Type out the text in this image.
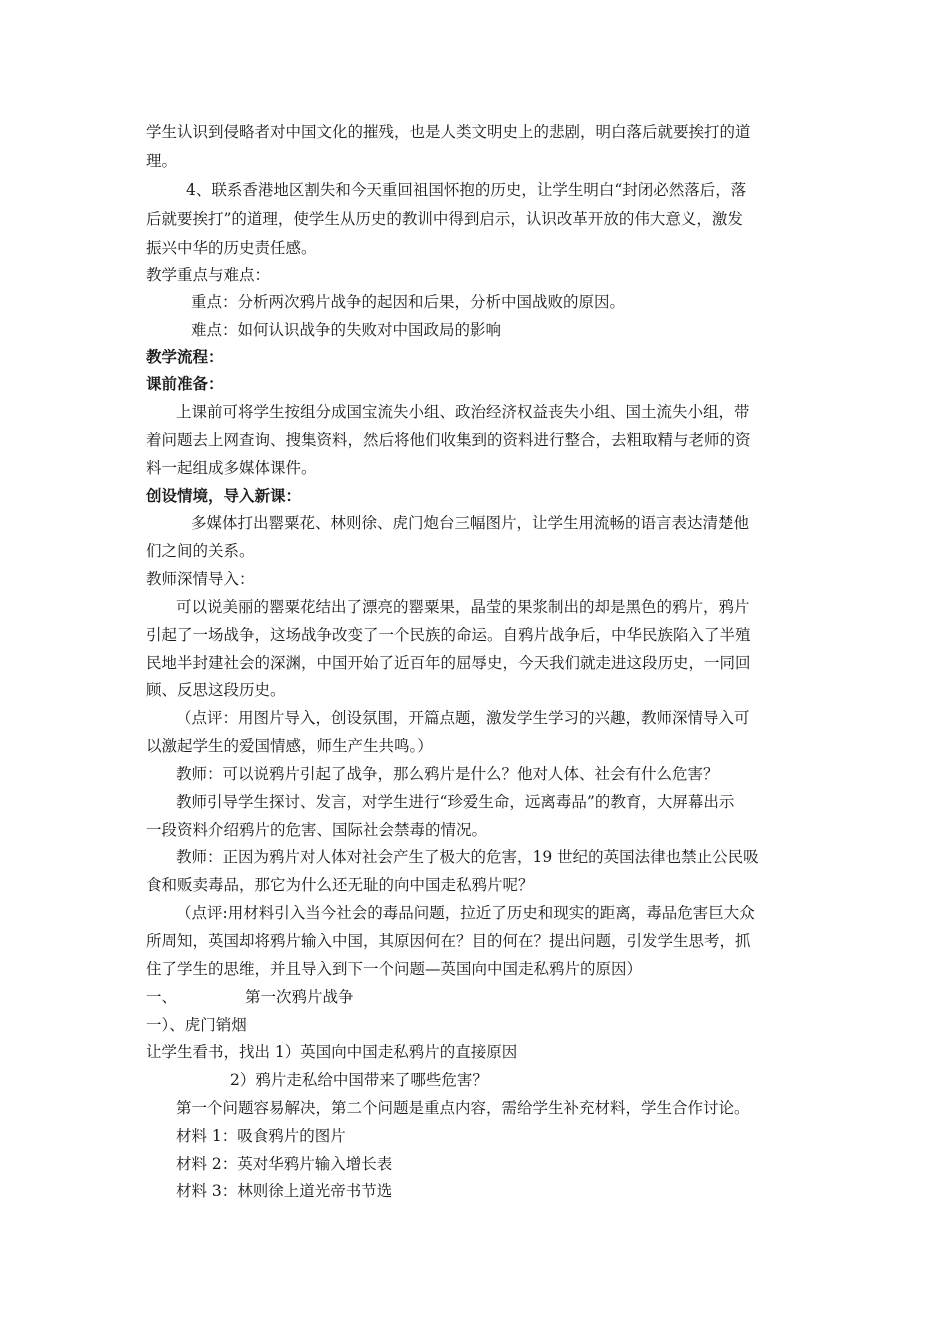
学生认识到侵略者对中国文化的摧残，也是人类文明史上的悲剧，明白落后就要挨打的道
理。
4、联系香港地区割失和今天重回祖国怀抱的历史，让学生明白“封闭必然落后，落
后就要挨打”的道理，使学生从历史的教训中得到启示，认识改革开放的伟大意义，激发
振兴中华的历史责任感。
教学重点与难点：
重点：分析两次鸦片战争的起因和后果，分析中国战败的原因。
难点：如何认识战争的失败对中国政局的影响
教学流程：
课前准备：
上课前可将学生按组分成国宝流失小组、政治经济权益丧失小组、国土流失小组，带
着问题去上网查询、搜集资料，然后将他们收集到的资料进行整合，去粗取精与老师的资
料一起组成多媒体课件。
创设情境，导入新课：
多媒体打出罂粟花、林则徐、虎门炮台三幅图片，让学生用流畅的语言表达清楚他
们之间的关系。
教师深情导入：
可以说美丽的罂粟花结出了漂亮的罂粟果，晶莹的果浆制出的却是黑色的鸦片，鸦片
引起了一场战争，这场战争改变了一个民族的命运。自鸦片战争后，中华民族陷入了半殖
民地半封建社会的深渊，中国开始了近百年的屈辱史，今天我们就走进这段历史，一同回
顾、反思这段历史。
（点评：用图片导入，创设氛围，开篇点题，激发学生学习的兴趣，教师深情导入可
以激起学生的爱国情感，师生产生共鸣。）
教师：可以说鸦片引起了战争，那么鸦片是什么？他对人体、社会有什么危害？
教师引导学生探讨、发言，对学生进行“珍爱生命，远离毒品”的教育，大屏幕出示
一段资料介绍鸦片的危害、国际社会禁毒的情况。
教师：正因为鸦片对人体对社会产生了极大的危害，19 世纪的英国法律也禁止公民吸
食和贩卖毒品，那它为什么还无耻的向中国走私鸦片呢？
（点评:用材料引入当今社会的毒品问题，拉近了历史和现实的距离，毒品危害巨大众
所周知，英国却将鸦片输入中国，其原因何在？目的何在？提出问题，引发学生思考，抓
住了学生的思维，并且导入到下一个问题—英国向中国走私鸦片的原因）
一、	第一次鸦片战争
一）、虎门销烟
让学生看书，找出 1）英国向中国走私鸦片的直接原因
2）鸦片走私给中国带来了哪些危害？
第一个问题容易解决，第二个问题是重点内容，需给学生补充材料，学生合作讨论。
材料 1：吸食鸦片的图片
材料 2：英对华鸦片输入增长表
材料 3：林则徐上道光帝书节选
